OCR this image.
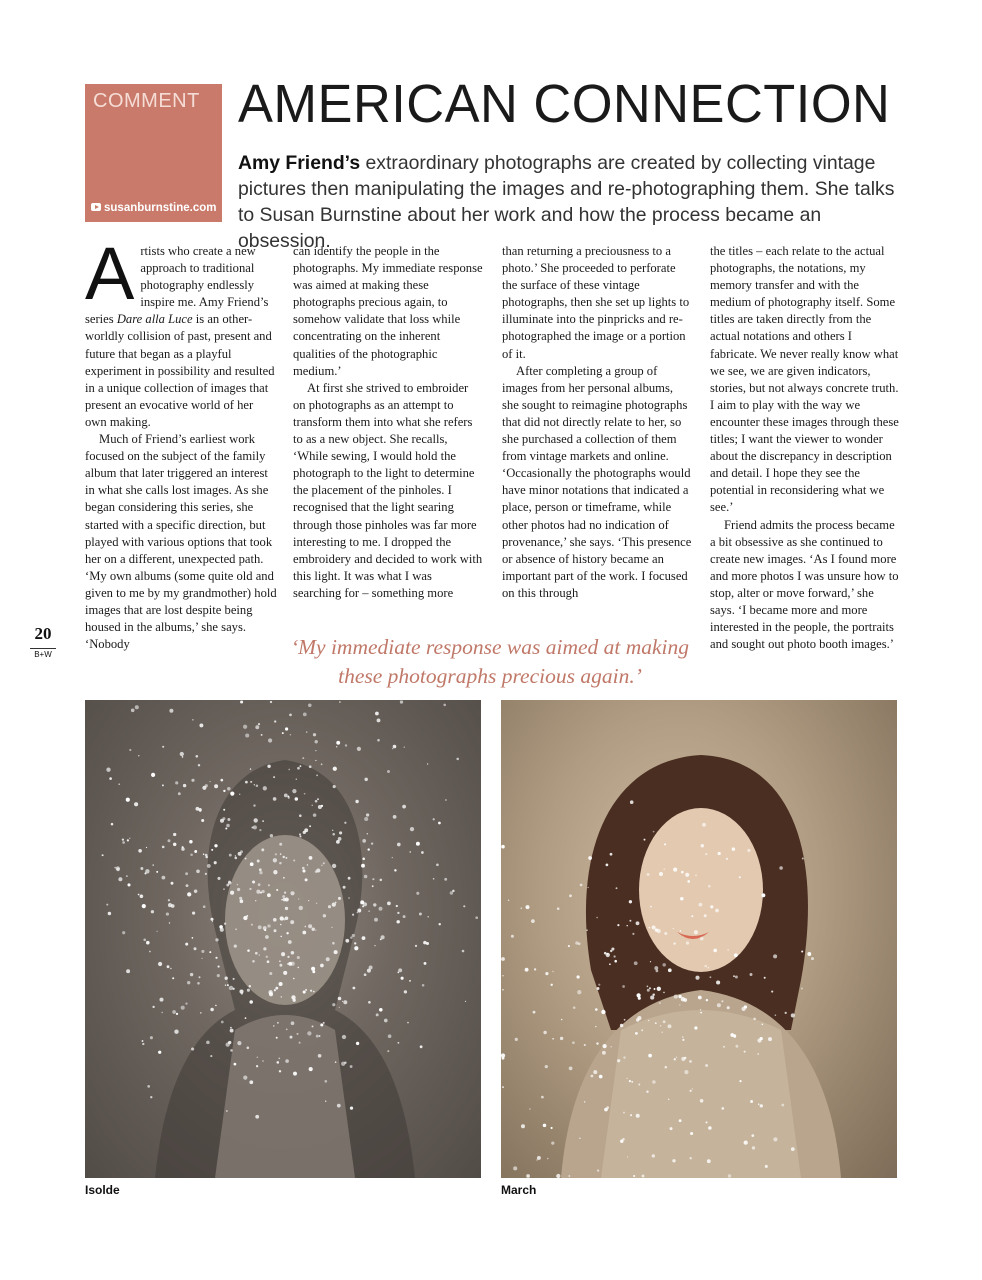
COMMENT
susanburnstine.com
AMERICAN CONNECTION

Amy Friend’s extraordinary photographs are created by collecting vintage pictures then manipulating the images and re-photographing them. She talks to Susan Burnstine about her work and how the process became an obsession.

Artists who create a new approach to traditional photography endlessly inspire me. Amy Friend’s series Dare alla Luce is an other-worldly collision of past, present and future that began as a playful experiment in possibility and resulted in a unique collection of images that present an evocative world of her own making.

Much of Friend’s earliest work focused on the subject of the family album that later triggered an interest in what she calls lost images. As she began considering this series, she started with a specific direction, but played with various options that took her on a different, unexpected path. ‘My own albums (some quite old and given to me by my grandmother) hold images that are lost despite being housed in the albums,’ she says. ‘Nobody

can identify the people in the photographs. My immediate response was aimed at making these photographs precious again, to somehow validate that loss while concentrating on the inherent qualities of the photographic medium.’

At first she strived to embroider on photographs as an attempt to transform them into what she refers to as a new object. She recalls, ‘While sewing, I would hold the photograph to the light to determine the placement of the pinholes. I recognised that the light searing through those pinholes was far more interesting to me. I dropped the embroidery and decided to work with this light. It was what I was searching for – something more

than returning a preciousness to a photo.’ She proceeded to perforate the surface of these vintage photographs, then she set up lights to illuminate into the pinpricks and re-photographed the image or a portion of it.

After completing a group of images from her personal albums, she sought to reimagine photographs that did not directly relate to her, so she purchased a collection of them from vintage markets and online. ‘Occasionally the photographs would have minor notations that indicated a place, person or timeframe, while other photos had no indication of provenance,’ she says. ‘This presence or absence of history became an important part of the work. I focused on this through

the titles – each relate to the actual photographs, the notations, my memory transfer and with the medium of photography itself. Some titles are taken directly from the actual notations and others I fabricate. We never really know what we see, we are given indicators, stories, but not always concrete truth. I aim to play with the way we encounter these images through these titles; I want the viewer to wonder about the discrepancy in description and detail. I hope they see the potential in reconsidering what we see.’

Friend admits the process became a bit obsessive as she continued to create new images. ‘As I found more and more photos I was unsure how to stop, alter or move forward,’ she says. ‘I became more and more interested in the people, the portraits and sought out photo booth images.’

‘My immediate response was aimed at making these photographs precious again.’

20
B+W
Isolde	March
